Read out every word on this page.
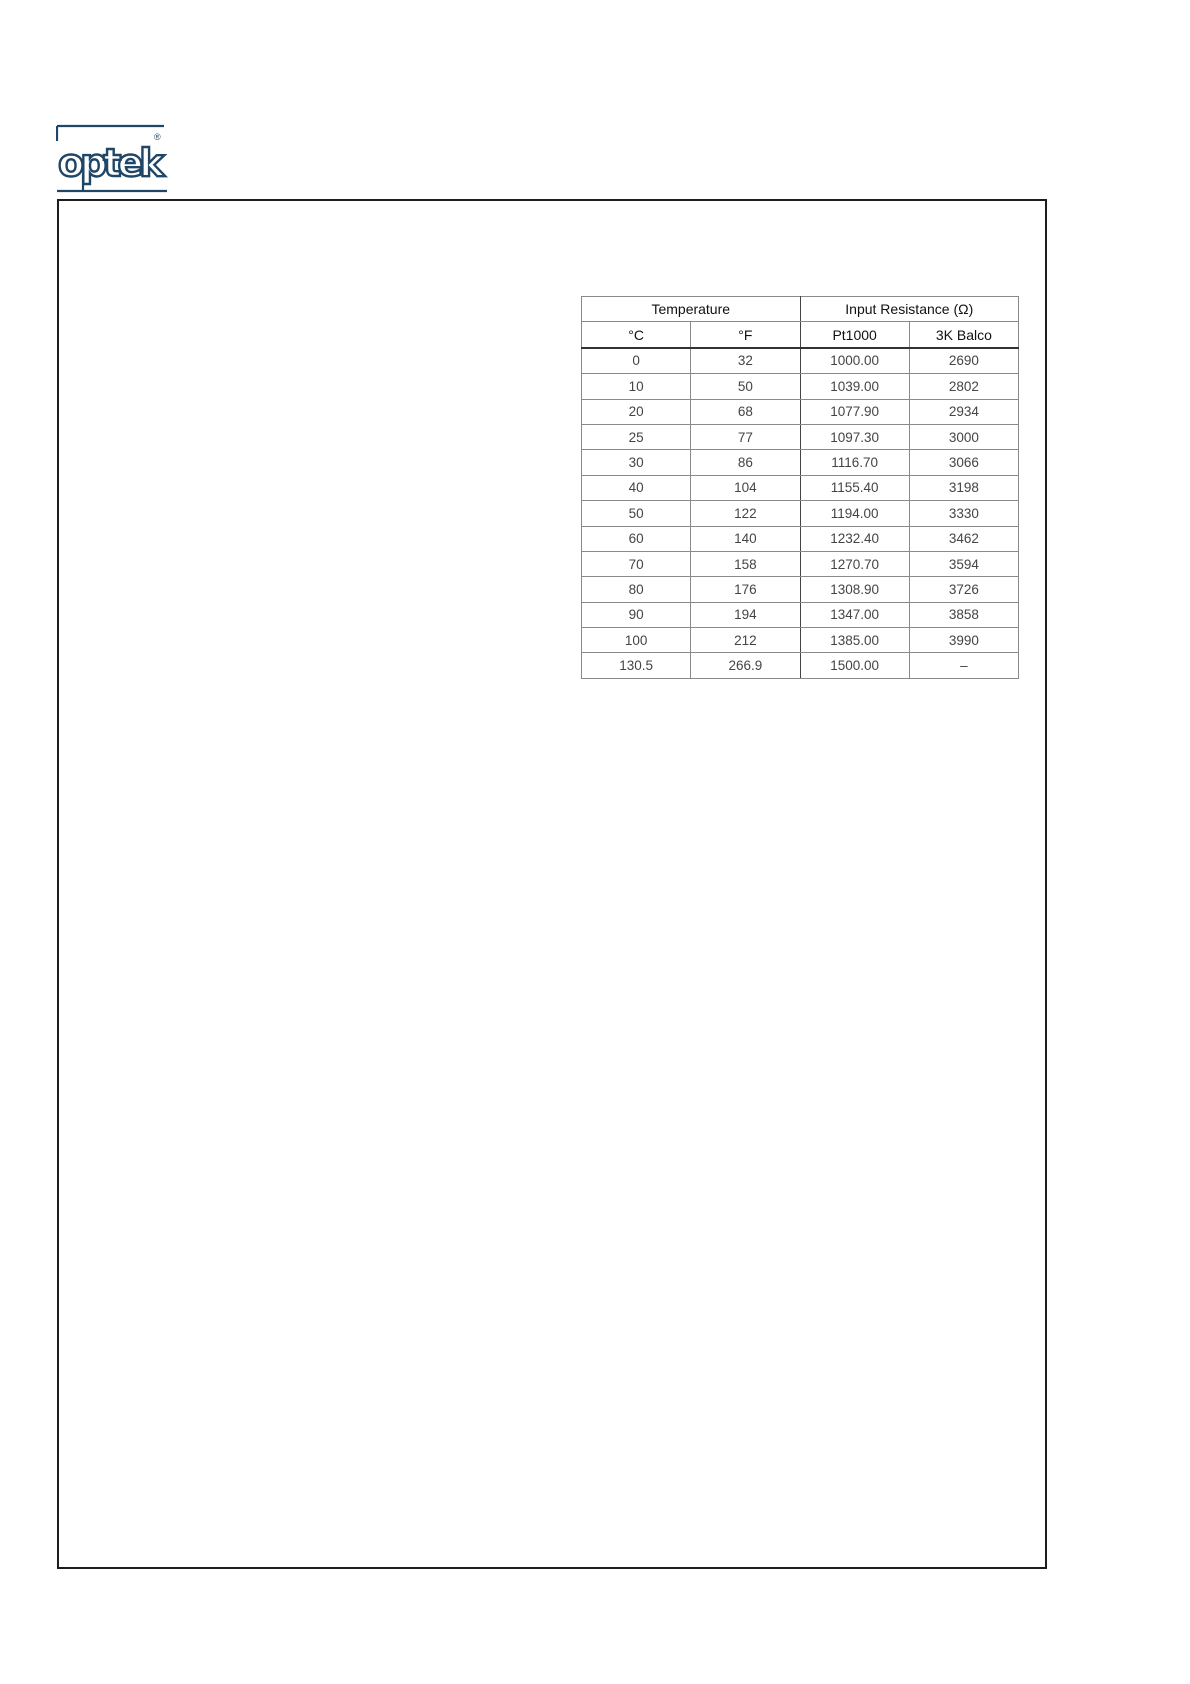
optek
®
Temperature		Input Resistance (Ω)	
°C	°F	Pt1000	3K Balco
0	32	1000.00	2690
10	50	1039.00	2802
20	68	1077.90	2934
25	77	1097.30	3000
30	86	1116.70	3066
40	104	1155.40	3198
50	122	1194.00	3330
60	140	1232.40	3462
70	158	1270.70	3594
80	176	1308.90	3726
90	194	1347.00	3858
100	212	1385.00	3990
130.5	266.9	1500.00	–
